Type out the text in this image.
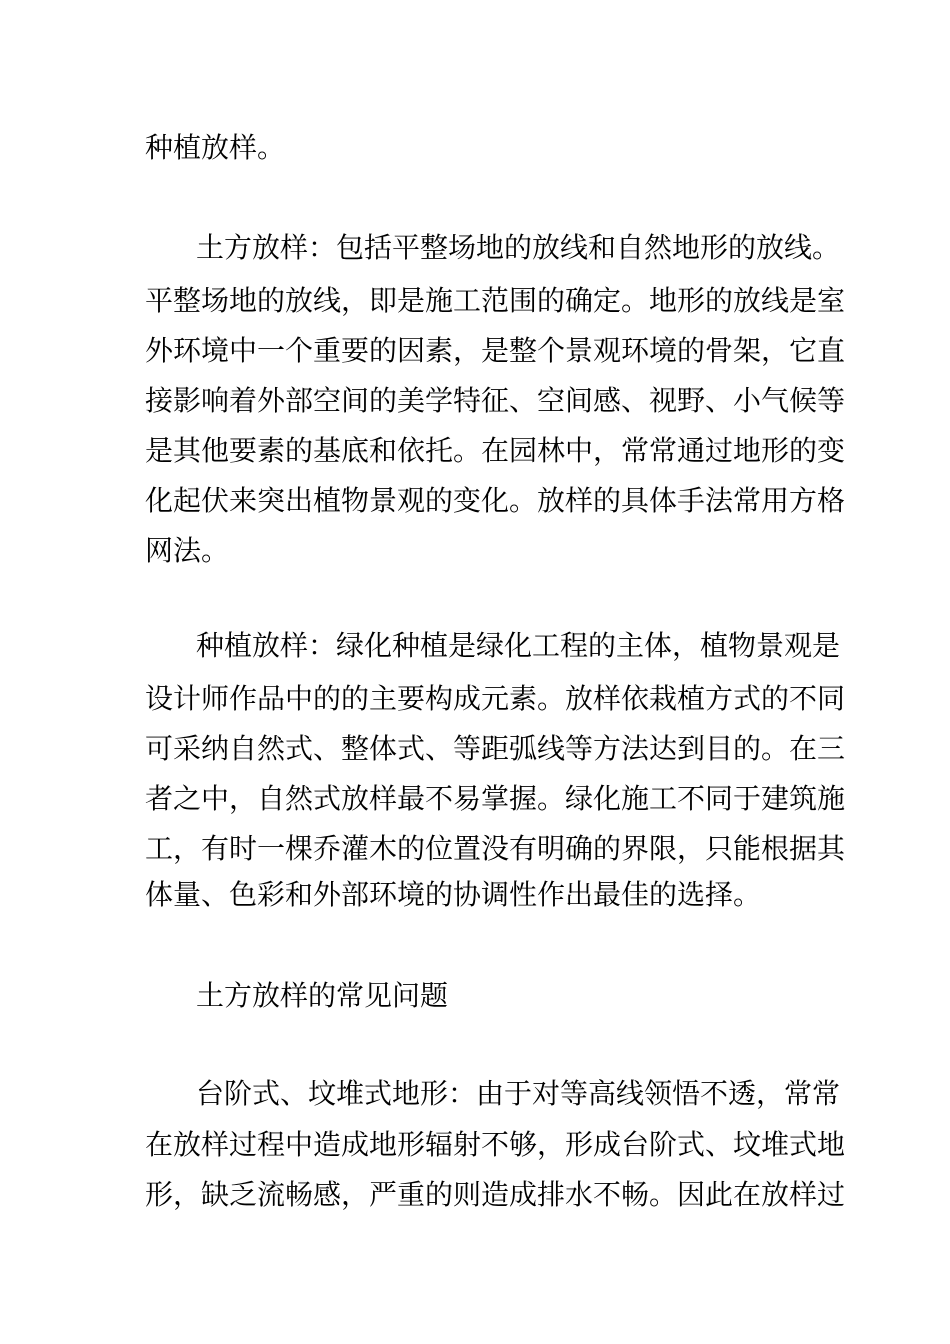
种植放样。
土方放样：包括平整场地的放线和自然地形的放线。
平整场地的放线，即是施工范围的确定。地形的放线是室
外环境中一个重要的因素，是整个景观环境的骨架，它直
接影响着外部空间的美学特征、空间感、视野、小气候等
是其他要素的基底和依托。在园林中，常常通过地形的变
化起伏来突出植物景观的变化。放样的具体手法常用方格
网法。
种植放样：绿化种植是绿化工程的主体，植物景观是
设计师作品中的的主要构成元素。放样依栽植方式的不同
可采纳自然式、整体式、等距弧线等方法达到目的。在三
者之中，自然式放样最不易掌握。绿化施工不同于建筑施
工，有时一棵乔灌木的位置没有明确的界限，只能根据其
体量、色彩和外部环境的协调性作出最佳的选择。
土方放样的常见问题
台阶式、坟堆式地形：由于对等高线领悟不透，常常
在放样过程中造成地形辐射不够，形成台阶式、坟堆式地
形，缺乏流畅感，严重的则造成排水不畅。因此在放样过
